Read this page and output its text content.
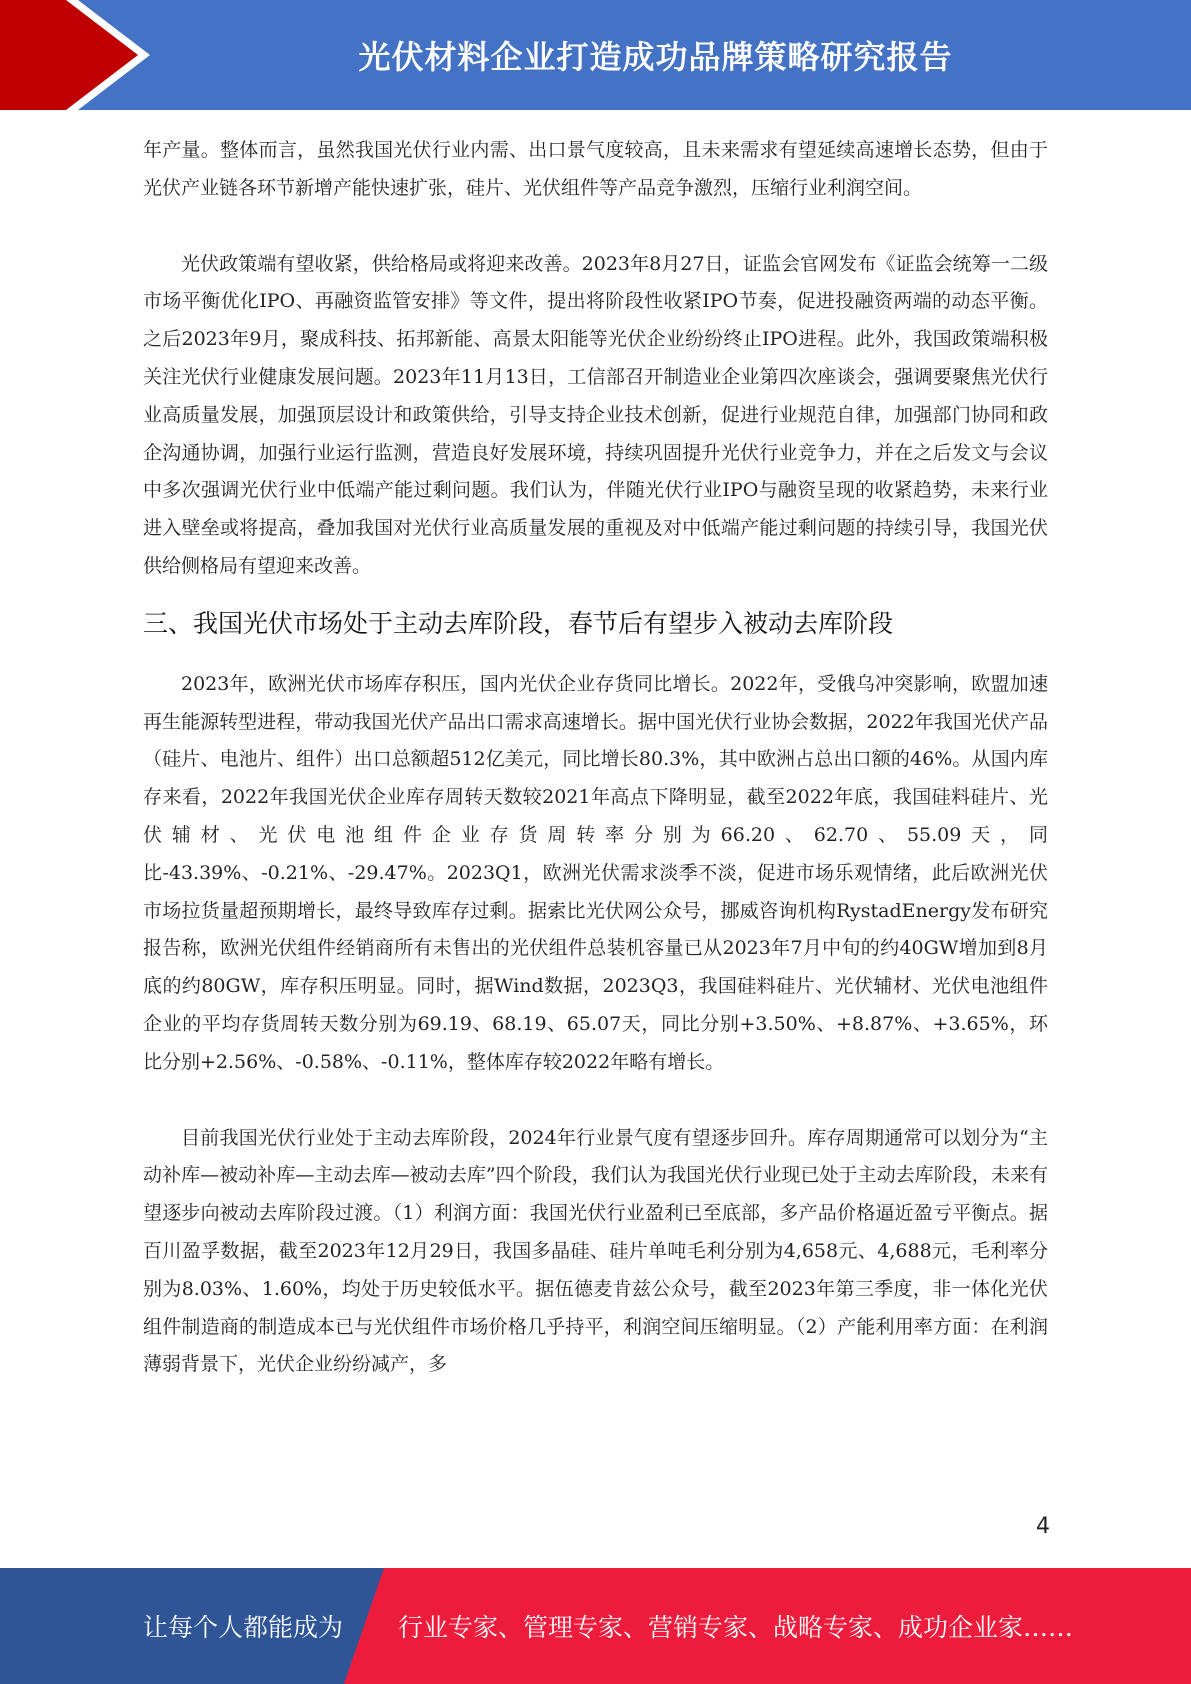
光伏材料企业打造成功品牌策略研究报告

年产量。整体而言，虽然我国光伏行业内需、出口景气度较高，且未来需求有望延续高速增长态势，但由于光伏产业链各环节新增产能快速扩张，硅片、光伏组件等产品竞争激烈，压缩行业利润空间。

光伏政策端有望收紧，供给格局或将迎来改善。2023年8月27日，证监会官网发布《证监会统筹一二级市场平衡优化IPO、再融资监管安排》等文件，提出将阶段性收紧IPO节奏，促进投融资两端的动态平衡。之后2023年9月，聚成科技、拓邦新能、高景太阳能等光伏企业纷纷终止IPO进程。此外，我国政策端积极关注光伏行业健康发展问题。2023年11月13日，工信部召开制造业企业第四次座谈会，强调要聚焦光伏行业高质量发展，加强顶层设计和政策供给，引导支持企业技术创新，促进行业规范自律，加强部门协同和政企沟通协调，加强行业运行监测，营造良好发展环境，持续巩固提升光伏行业竞争力，并在之后发文与会议中多次强调光伏行业中低端产能过剩问题。我们认为，伴随光伏行业IPO与融资呈现的收紧趋势，未来行业进入壁垒或将提高，叠加我国对光伏行业高质量发展的重视及对中低端产能过剩问题的持续引导，我国光伏供给侧格局有望迎来改善。

三、我国光伏市场处于主动去库阶段，春节后有望步入被动去库阶段

2023年，欧洲光伏市场库存积压，国内光伏企业存货同比增长。2022年，受俄乌冲突影响，欧盟加速再生能源转型进程，带动我国光伏产品出口需求高速增长。据中国光伏行业协会数据，2022年我国光伏产品（硅片、电池片、组件）出口总额超512亿美元，同比增长80.3%，其中欧洲占总出口额的46%。从国内库存来看，2022年我国光伏企业库存周转天数较2021年高点下降明显，截至2022年底，我国硅料硅片、光伏辅材、光伏电池组件企业存货周转率分别为66.20、62.70、55.09天，同比-43.39%、-0.21%、-29.47%。2023Q1，欧洲光伏需求淡季不淡，促进市场乐观情绪，此后欧洲光伏市场拉货量超预期增长，最终导致库存过剩。据索比光伏网公众号，挪威咨询机构RystadEnergy发布研究报告称，欧洲光伏组件经销商所有未售出的光伏组件总装机容量已从2023年7月中旬的约40GW增加到8月底的约80GW，库存积压明显。同时，据Wind数据，2023Q3，我国硅料硅片、光伏辅材、光伏电池组件企业的平均存货周转天数分别为69.19、68.19、65.07天，同比分别+3.50%、+8.87%、+3.65%，环比分别+2.56%、-0.58%、-0.11%，整体库存较2022年略有增长。

目前我国光伏行业处于主动去库阶段，2024年行业景气度有望逐步回升。库存周期通常可以划分为“主动补库—被动补库—主动去库—被动去库”四个阶段，我们认为我国光伏行业现已处于主动去库阶段，未来有望逐步向被动去库阶段过渡。（1）利润方面：我国光伏行业盈利已至底部，多产品价格逼近盈亏平衡点。据百川盈孚数据，截至2023年12月29日，我国多晶硅、硅片单吨毛利分别为4,658元、4,688元，毛利率分别为8.03%、1.60%，均处于历史较低水平。据伍德麦肯兹公众号，截至2023年第三季度，非一体化光伏组件制造商的制造成本已与光伏组件市场价格几乎持平，利润空间压缩明显。（2）产能利用率方面：在利润薄弱背景下，光伏企业纷纷减产，多

4
让每个人都能成为 行业专家、管理专家、营销专家、战略专家、成功企业家……
